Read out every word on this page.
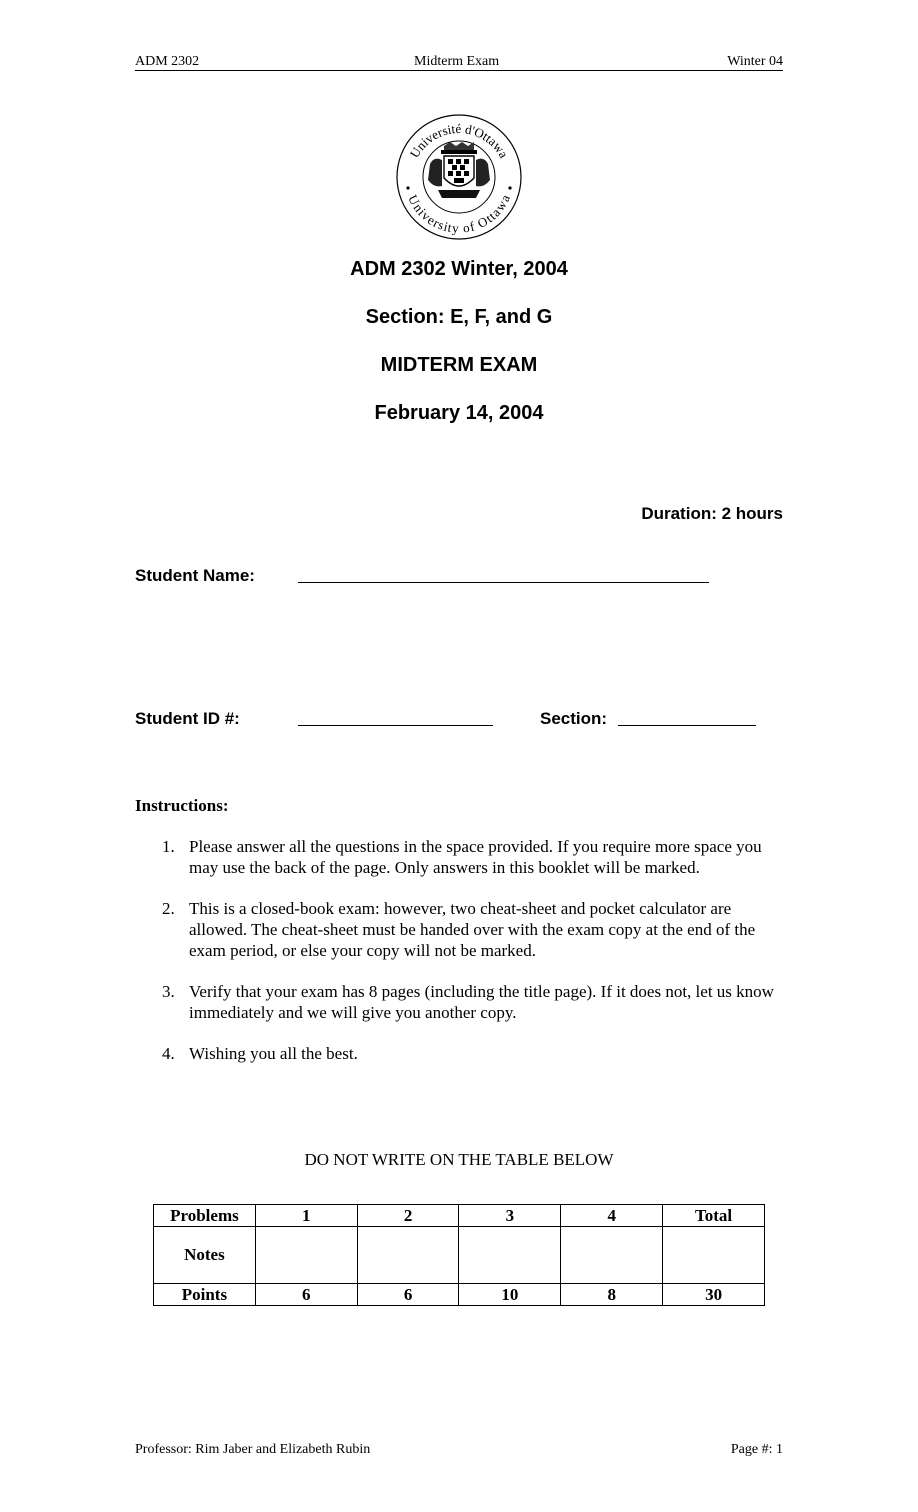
ADM 2302	Midterm Exam	Winter 04
Université d'Ottawa
University of Ottawa
ADM 2302 Winter, 2004
Section: E, F, and G
MIDTERM EXAM
February 14, 2004
Duration: 2 hours
Student Name:
Student ID #:	Section:
Instructions:
1. Please answer all the questions in the space provided. If you require more space you may use the back of the page. Only answers in this booklet will be marked.
2. This is a closed-book exam: however, two cheat-sheet and pocket calculator are allowed. The cheat-sheet must be handed over with the exam copy at the end of the exam period, or else your copy will not be marked.
3. Verify that your exam has 8 pages (including the title page). If it does not, let us know immediately and we will give you another copy.
4. Wishing you all the best.
DO NOT WRITE ON THE TABLE BELOW
Problems	1	2	3	4	Total
Notes					
Points	6	6	10	8	30
Professor: Rim Jaber and Elizabeth Rubin	Page #: 1
